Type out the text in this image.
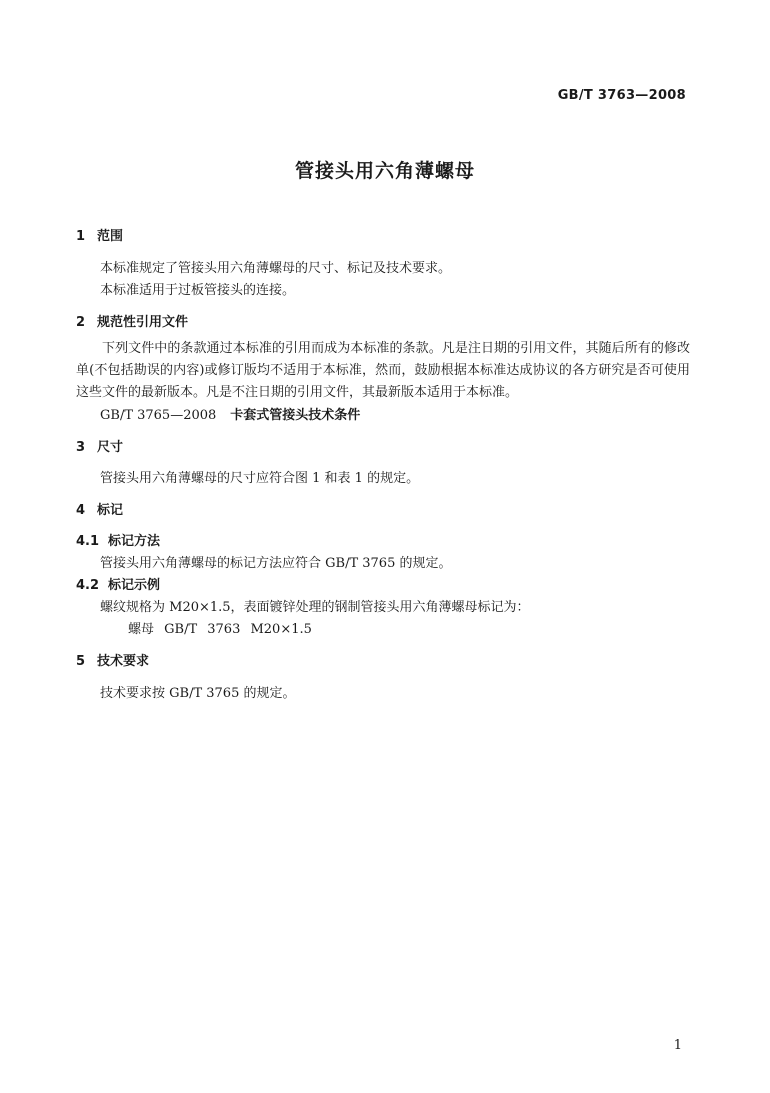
GB/T 3763—2008
管接头用六角薄螺母
1 范围
本标准规定了管接头用六角薄螺母的尺寸、标记及技术要求。
本标准适用于过板管接头的连接。
2 规范性引用文件
下列文件中的条款通过本标准的引用而成为本标准的条款。凡是注日期的引用文件，其随后所有的修改单(不包括勘误的内容)或修订版均不适用于本标准，然而，鼓励根据本标准达成协议的各方研究是否可使用这些文件的最新版本。凡是不注日期的引用文件，其最新版本适用于本标准。
GB/T 3765—2008 卡套式管接头技术条件
3 尺寸
管接头用六角薄螺母的尺寸应符合图 1 和表 1 的规定。
4 标记
4.1 标记方法
管接头用六角薄螺母的标记方法应符合 GB/T 3765 的规定。
4.2 标记示例
螺纹规格为 M20×1.5，表面镀锌处理的钢制管接头用六角薄螺母标记为：
螺母 GB/T 3763 M20×1.5
5 技术要求
技术要求按 GB/T 3765 的规定。
1
